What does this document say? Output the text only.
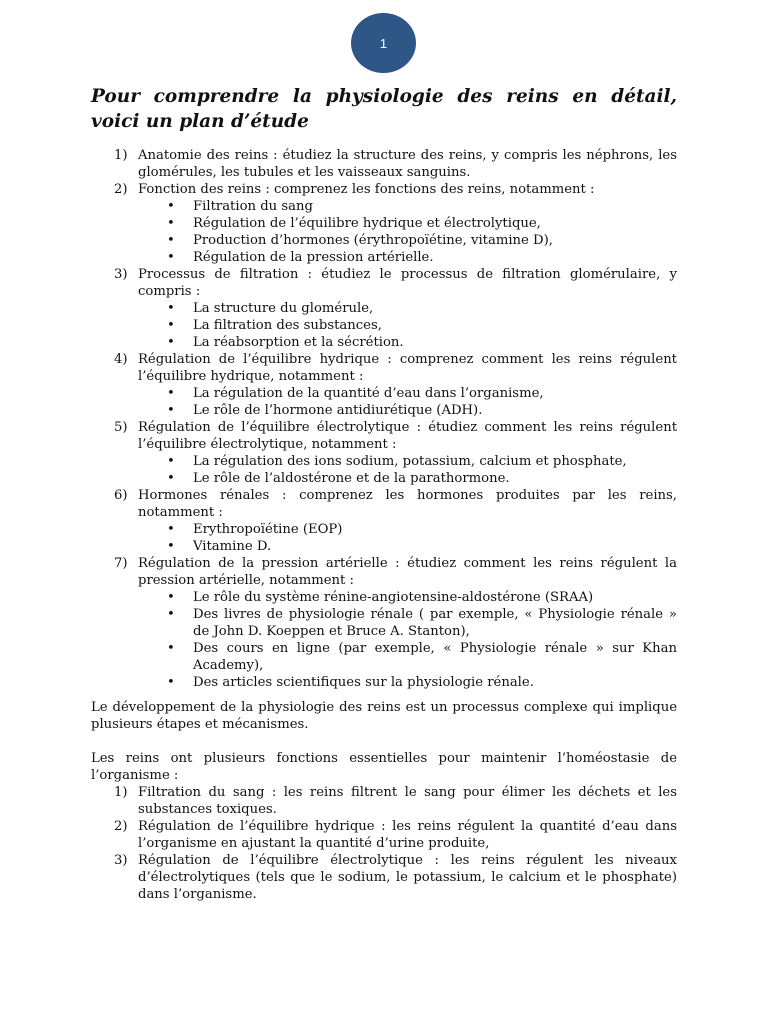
1
Pour comprendre la physiologie des reins en détail, voici un plan d’étude
1) Anatomie des reins : étudiez la structure des reins, y compris les néphrons, les glomérules, les tubules et les vaisseaux sanguins.
2) Fonction des reins : comprenez les fonctions des reins, notamment :
• Filtration du sang
• Régulation de l’équilibre hydrique et électrolytique,
• Production d’hormones (érythropoïétine, vitamine D),
• Régulation de la pression artérielle.
3) Processus de filtration : étudiez le processus de filtration glomérulaire, y compris :
• La structure du glomérule,
• La filtration des substances,
• La réabsorption et la sécrétion.
4) Régulation de l’équilibre hydrique : comprenez comment les reins régulent l’équilibre hydrique, notamment :
• La régulation de la quantité d’eau dans l’organisme,
• Le rôle de l’hormone antidiurétique (ADH).
5) Régulation de l’équilibre électrolytique : étudiez comment les reins régulent l’équilibre électrolytique, notamment :
• La régulation des ions sodium, potassium, calcium et phosphate,
• Le rôle de l’aldostérone et de la parathormone.
6) Hormones rénales : comprenez les hormones produites par les reins, notamment :
• Erythropoïétine (EOP)
• Vitamine D.
7) Régulation de la pression artérielle : étudiez comment les reins régulent la pression artérielle, notamment :
• Le rôle du système rénine-angiotensine-aldostérone (SRAA)
• Des livres de physiologie rénale ( par exemple, « Physiologie rénale » de John D. Koeppen et Bruce A. Stanton),
• Des cours en ligne (par exemple, « Physiologie rénale » sur Khan Academy),
• Des articles scientifiques sur la physiologie rénale.

Le développement de la physiologie des reins est un processus complexe qui implique plusieurs étapes et mécanismes.

Les reins ont plusieurs fonctions essentielles pour maintenir l’homéostasie de l’organisme :

1) Filtration du sang : les reins filtrent le sang pour élimer les déchets et les substances toxiques.
2) Régulation de l’équilibre hydrique : les reins régulent la quantité d’eau dans l’organisme en ajustant la quantité d’urine produite,
3) Régulation de l’équilibre électrolytique : les reins régulent les niveaux d’électrolytiques (tels que le sodium, le potassium, le calcium et le phosphate) dans l’organisme.
